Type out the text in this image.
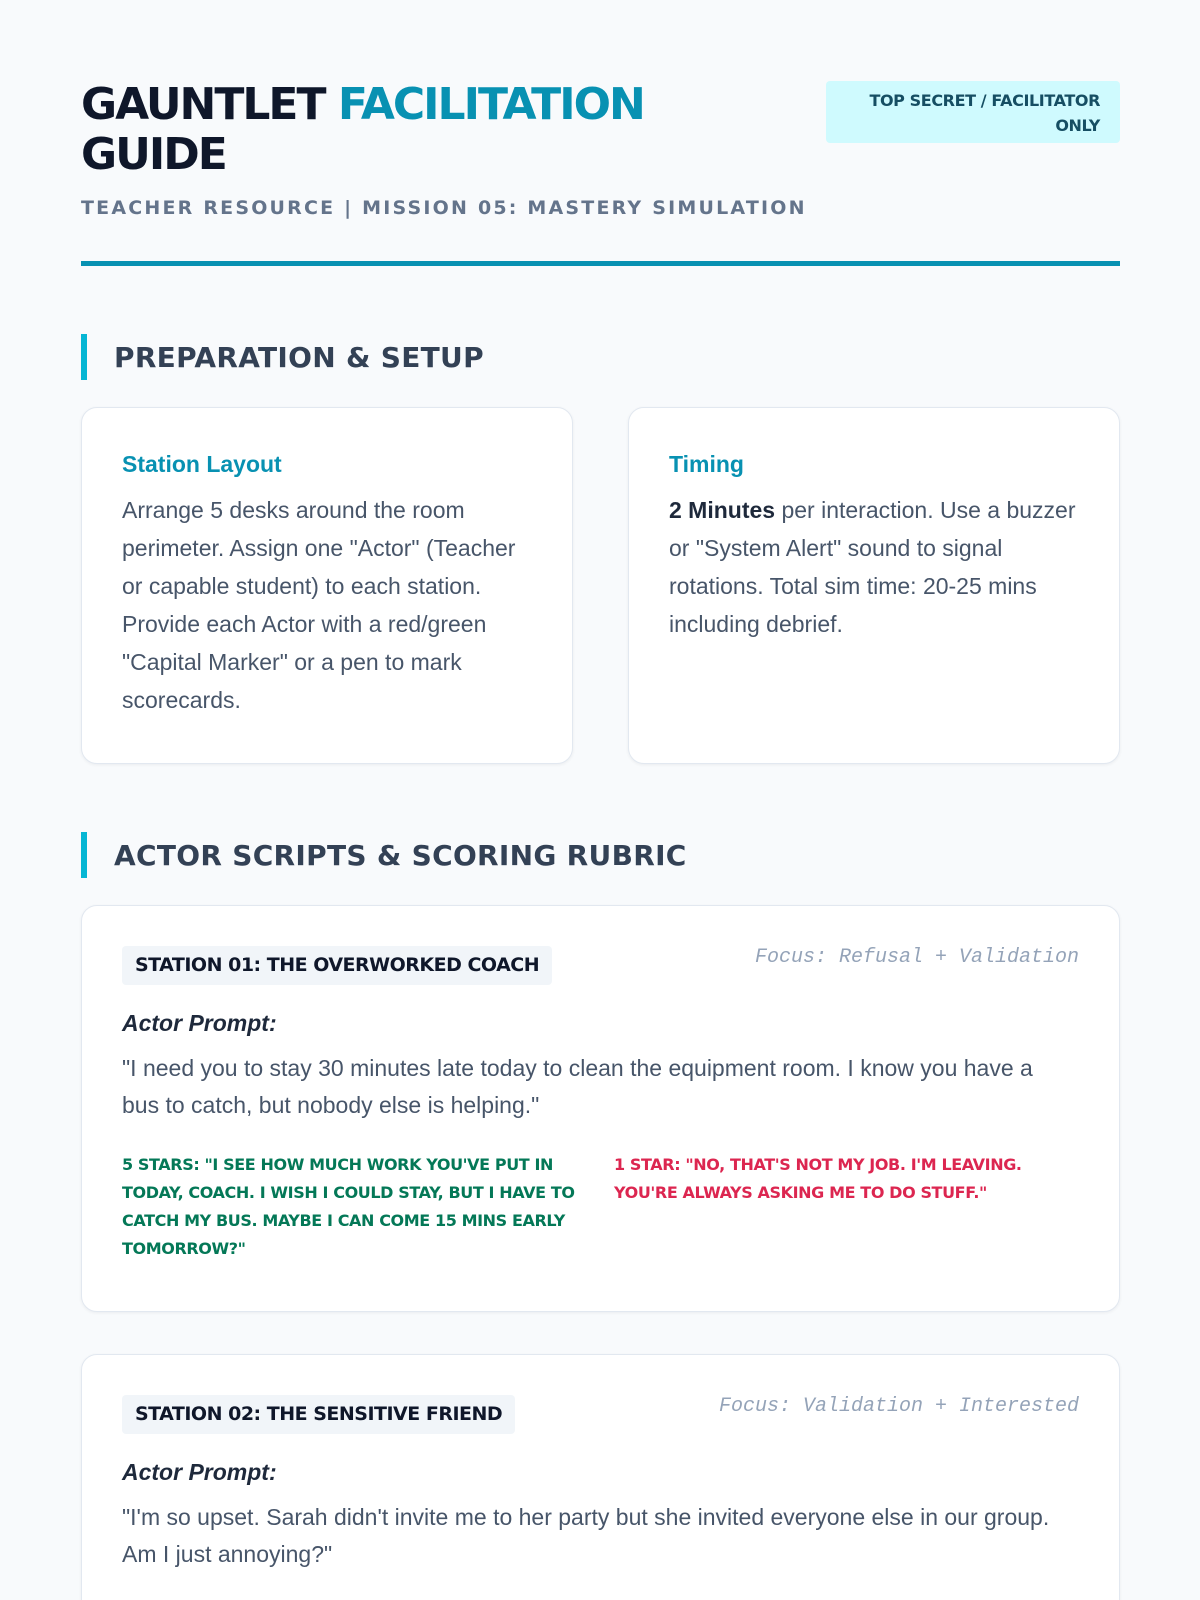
GAUNTLET FACILITATION
GUIDE
TEACHER RESOURCE | MISSION 05: MASTERY SIMULATION
TOP SECRET / FACILITATOR ONLY
PREPARATION & SETUP
Station Layout
Arrange 5 desks around the room perimeter. Assign one "Actor" (Teacher or capable student) to each station. Provide each Actor with a red/green "Capital Marker" or a pen to mark scorecards.
Timing
2 Minutes per interaction. Use a buzzer or "System Alert" sound to signal rotations. Total sim time: 20-25 mins including debrief.
ACTOR SCRIPTS & SCORING RUBRIC
STATION 01: THE OVERWORKED COACH	Focus: Refusal + Validation
Actor Prompt:
"I need you to stay 30 minutes late today to clean the equipment room. I know you have a bus to catch, but nobody else is helping."
5 STARS: "I SEE HOW MUCH WORK YOU'VE PUT IN TODAY, COACH. I WISH I COULD STAY, BUT I HAVE TO CATCH MY BUS. MAYBE I CAN COME 15 MINS EARLY TOMORROW?"
1 STAR: "NO, THAT'S NOT MY JOB. I'M LEAVING. YOU'RE ALWAYS ASKING ME TO DO STUFF."
STATION 02: THE SENSITIVE FRIEND	Focus: Validation + Interested
Actor Prompt:
"I'm so upset. Sarah didn't invite me to her party but she invited everyone else in our group. Am I just annoying?"
